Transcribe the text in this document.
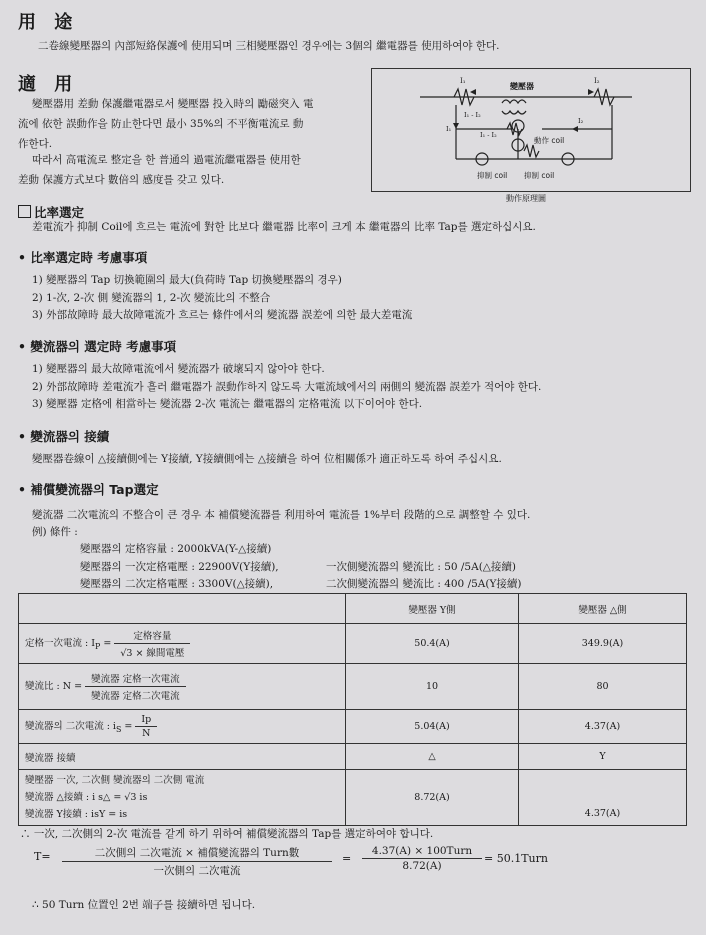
用 途
二卷線變壓器의 內部短絡保護에 使用되며 三相變壓器인 경우에는 3個의 繼電器를 使用하여야 한다.
適 用
變壓器用 差動 保護繼電器로서 變壓器 投入時의 勵磁突入 電
流에 依한 誤動作을 防止한다면 最小 35%의 不平衡電流로 動
作한다.
따라서 高電流로 整定을 한 普通의 過電流繼電器를 使用한
差動 保護方式보다 數倍의 感度를 갖고 있다.
變壓器
I₁	I₂
I₁ - I₂
I₁ - I₂
I₁
I₂
動作 coil
抑制 coil 抑制 coil
動作原理圖
比率選定
差電流가 抑制 Coil에 흐르는 電流에 對한 比보다 繼電器 比率이 크게 本 繼電器의 比率 Tap를 選定하십시요.
• 比率選定時 考慮事項
1) 變壓器의 Tap 切換範圍의 最大(負荷時 Tap 切換變壓器의 경우)
2) 1-次, 2-次 側 變流器의 1, 2-次 變流比의 不整合
3) 外部故障時 最大故障電流가 흐르는 條件에서의 變流器 誤差에 의한 最大差電流
• 變流器의 選定時 考慮事項
1) 變壓器의 最大故障電流에서 變流器가 破壞되지 않아야 한다.
2) 外部故障時 差電流가 흘러 繼電器가 誤動作하지 않도록 大電流域에서의 兩側의 變流器 誤差가 적어야 한다.
3) 變壓器 定格에 相當하는 變流器 2-次 電流는 繼電器의 定格電流 以下이어야 한다.
• 變流器의 接續
變壓器卷線이 △接續側에는 Y接續, Y接續側에는 △接續을 하여 位相關係가 適正하도록 하여 주십시요.
• 補償變流器의 Tap選定
變流器 二次電流의 不整合이 큰 경우 本 補償變流器를 利用하여 電流를 1%부터 段階的으로 調整할 수 있다.
例) 條件 :
變壓器의 定格容量 : 2000kVA(Y-△接續)
變壓器의 一次定格電壓 : 22900V(Y接續),	一次側變流器의 變流比 : 50 /5A(△接續)
變壓器의 二次定格電壓 : 3300V(△接續),	二次側變流器의 變流比 : 400 /5A(Y接續)
	變壓器 Y側	變壓器 △側
定格一次電流 : $I_P = \frac{\text{定格容量}}{\text{√3 × 線間電壓}}$	50.4(A)	349.9(A)
變流比 : $N = \frac{\text{變流器 定格一次電流}}{\text{變流器 定格二次電流}}$	10	80
變流器의 二次電流 : $i_S = \frac{Ip}{N}$	5.04(A)	4.37(A)
變流器 接續	△	Y

變壓器 一次, 二次側 變流器의 二次側 電流
變流器 △接續 : i s△ = √3 is
變流器 Y接續 : isY = is	8.72(A)	4.37(A)
∴ 一次, 二次側의 2-次 電流를 같게 하기 위하여 補償變流器의 Tap를 選定하여야 합니다.
T=	二次側의 二次電流 × 補償變流器의 Turn數
一次側의 二次電流
=
4.37(A) × 100Turn
8.72(A)
= 50.1Turn
∴ 50 Turn 位置인 2번 端子를 接續하면 됩니다.
